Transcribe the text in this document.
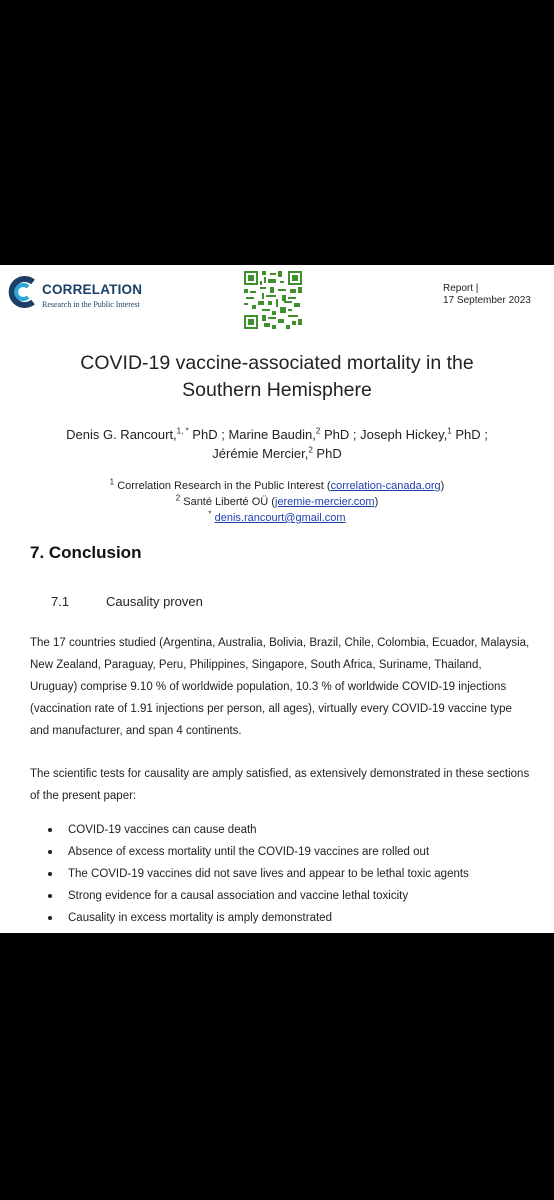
CORRELATION
Research in the Public Interest
Report |
17 September 2023
COVID-19 vaccine-associated mortality in the
Southern Hemisphere
Denis G. Rancourt,$^{1, *}$ PhD ; Marine Baudin,$^2$ PhD ; Joseph Hickey,$^1$ PhD ;
Jérémie Mercier,$^2$ PhD
$^1$ Correlation Research in the Public Interest (correlation-canada.org)
$^2$ Santé Liberté OÜ (jeremie-mercier.com)
* denis.rancourt@gmail.com
7. Conclusion
7.1	Causality proven
The 17 countries studied (Argentina, Australia, Bolivia, Brazil, Chile, Colombia, Ecuador, Malaysia, New Zealand, Paraguay, Peru, Philippines, Singapore, South Africa, Suriname, Thailand, Uruguay) comprise 9.10 % of worldwide population, 10.3 % of worldwide COVID-19 injections (vaccination rate of 1.91 injections per person, all ages), virtually every COVID-19 vaccine type and manufacturer, and span 4 continents.
The scientific tests for causality are amply satisfied, as extensively demonstrated in these sections of the present paper:
COVID-19 vaccines can cause death
Absence of excess mortality until the COVID-19 vaccines are rolled out
The COVID-19 vaccines did not save lives and appear to be lethal toxic agents
Strong evidence for a causal association and vaccine lethal toxicity
Causality in excess mortality is amply demonstrated
